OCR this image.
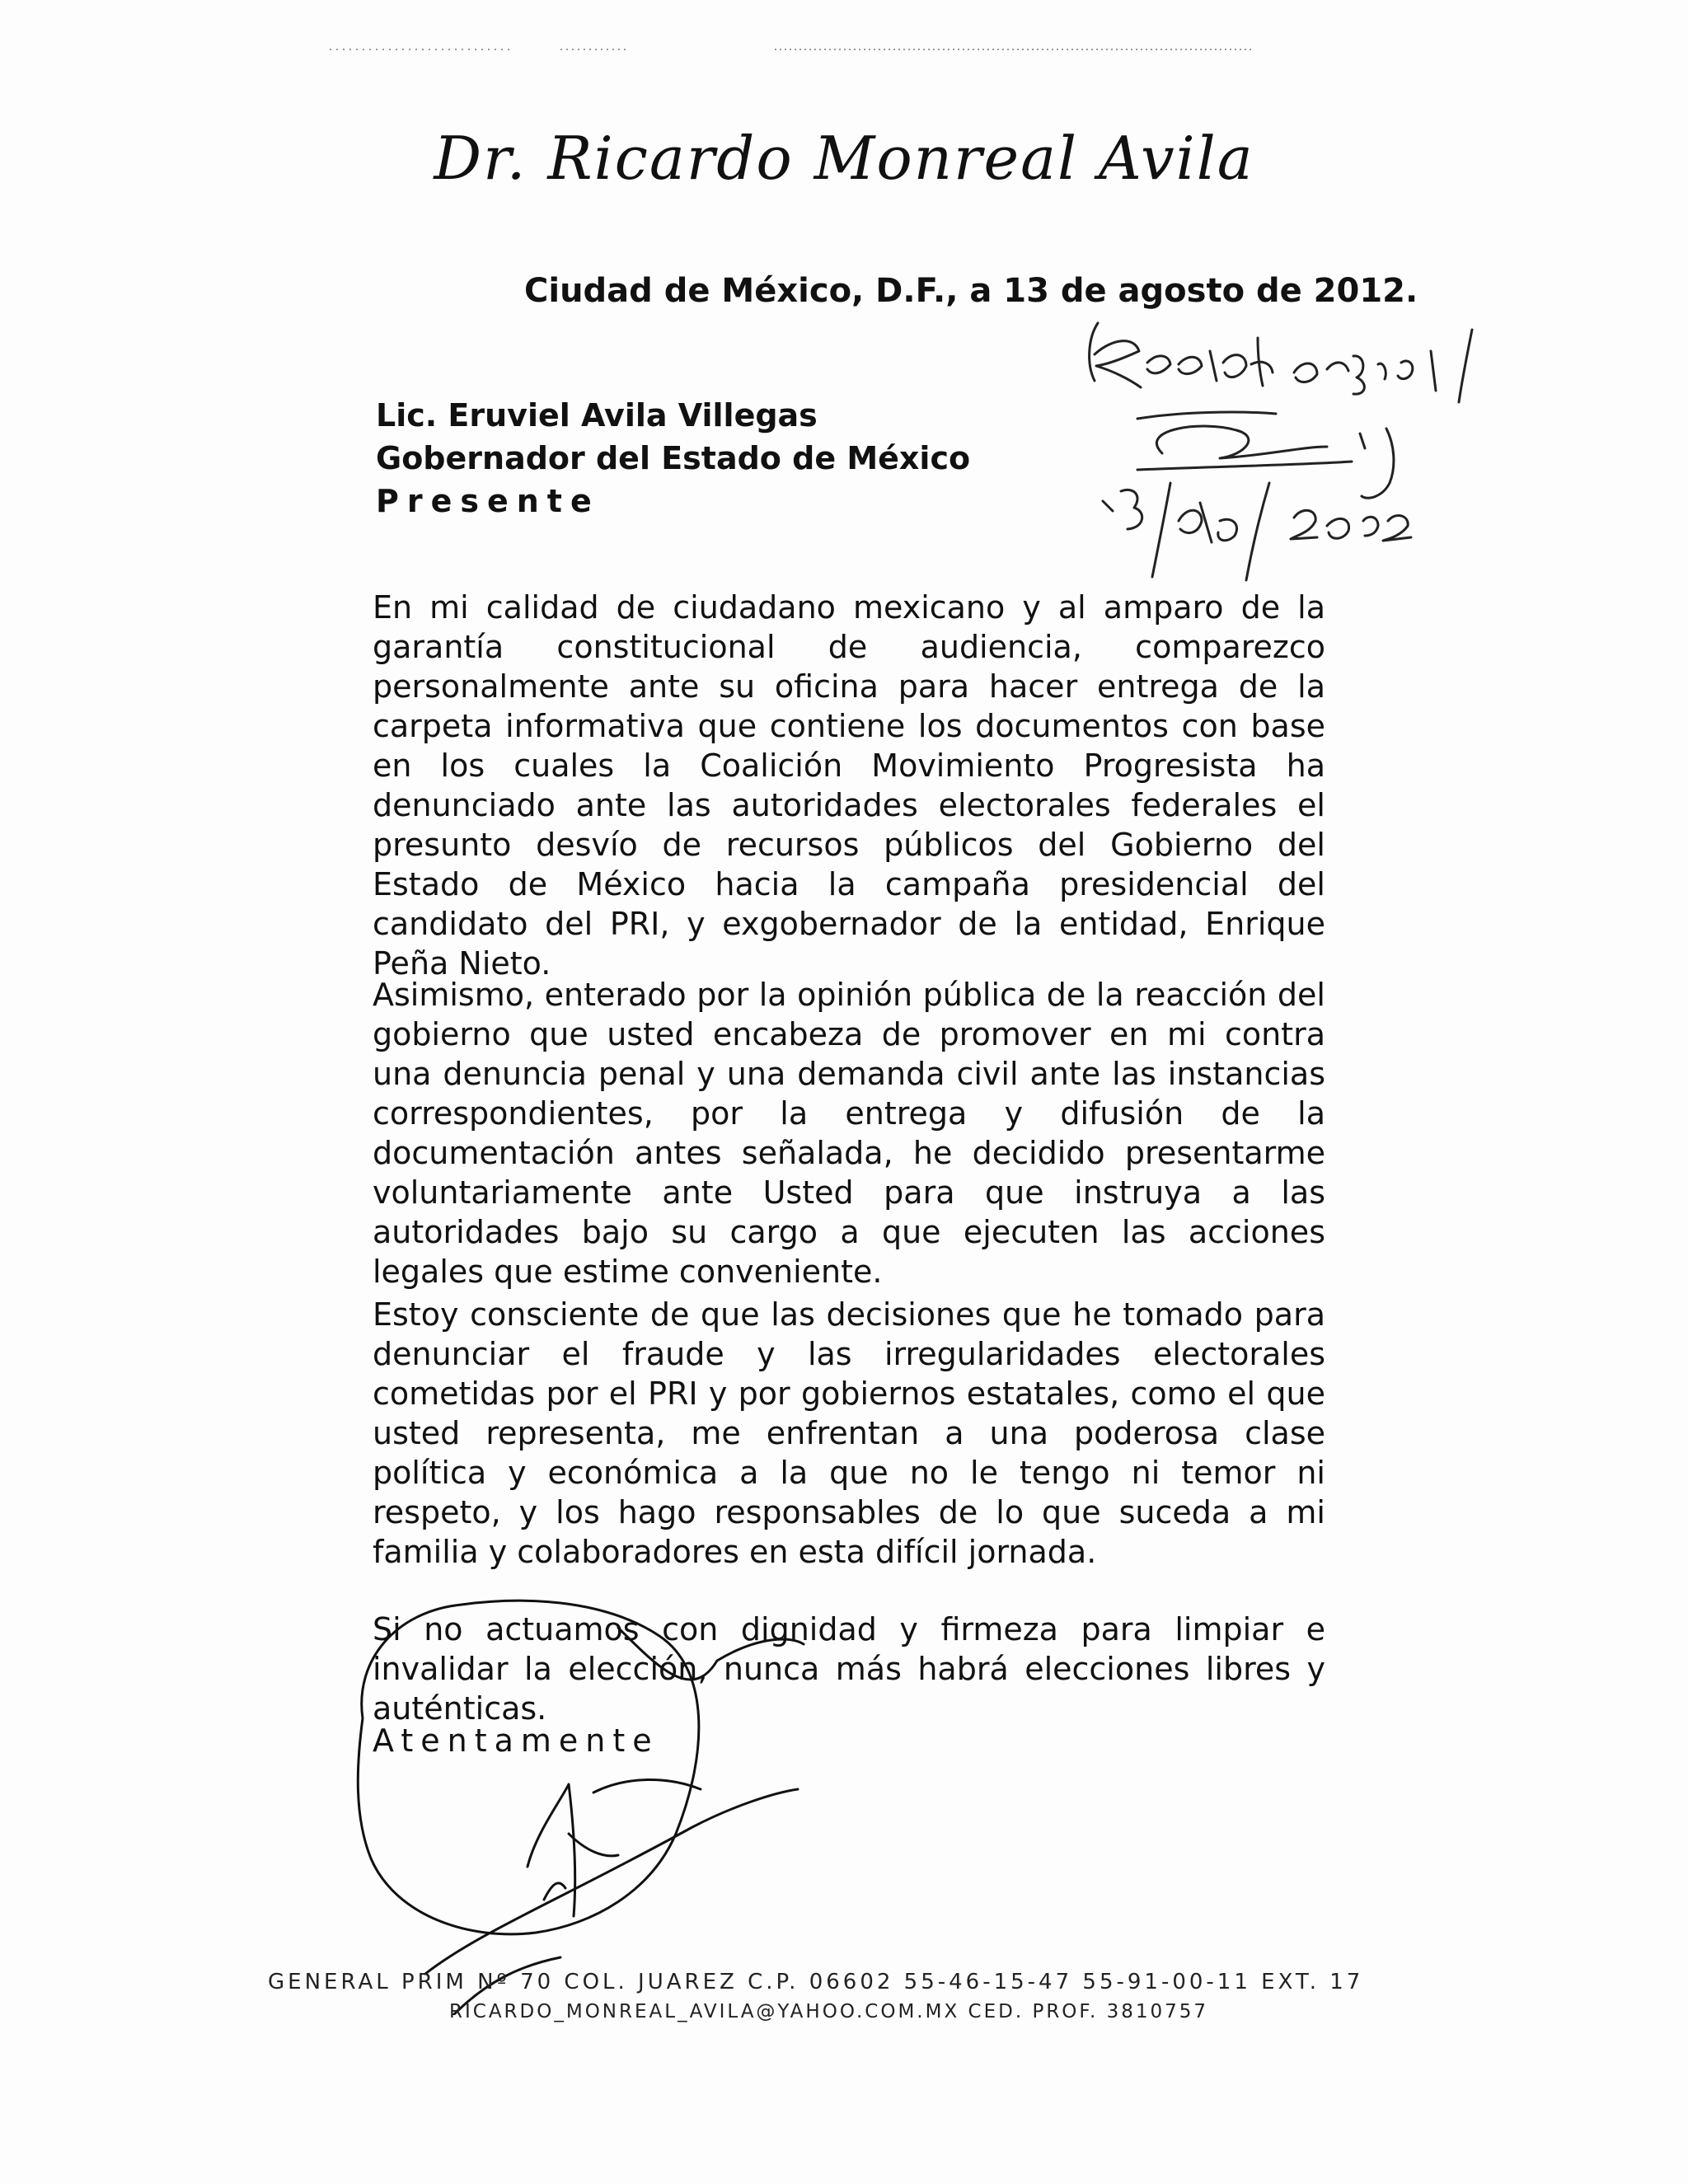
Dr. Ricardo Monreal Avila
Ciudad de México, D.F., a 13 de agosto de 2012.
Lic. Eruviel Avila Villegas
Gobernador del Estado de México
Presente
En mi calidad de ciudadano mexicano y al amparo de la garantía constitucional de audiencia, comparezco personalmente ante su oficina para hacer entrega de la carpeta informativa que contiene los documentos con base en los cuales la Coalición Movimiento Progresista ha denunciado ante las autoridades electorales federales el presunto desvío de recursos públicos del Gobierno del Estado de México hacia la campaña presidencial del candidato del PRI, y exgobernador de la entidad, Enrique Peña Nieto.
Asimismo, enterado por la opinión pública de la reacción del gobierno que usted encabeza de promover en mi contra una denuncia penal y una demanda civil ante las instancias correspondientes, por la entrega y difusión de la documentación antes señalada, he decidido presentarme voluntariamente ante Usted para que instruya a las autoridades bajo su cargo a que ejecuten las acciones legales que estime conveniente.
Estoy consciente de que las decisiones que he tomado para denunciar el fraude y las irregularidades electorales cometidas por el PRI y por gobiernos estatales, como el que usted representa, me enfrentan a una poderosa clase política y económica a la que no le tengo ni temor ni respeto, y los hago responsables de lo que suceda a mi familia y colaboradores en esta difícil jornada.
Si no actuamos con dignidad y firmeza para limpiar e invalidar la elección, nunca más habrá elecciones libres y auténticas.
Atentamente
GENERAL PRIM Nº 70 COL. JUAREZ C.P. 06602 55-46-15-47 55-91-00-11 EXT. 17
RICARDO_MONREAL_AVILA@YAHOO.COM.MX CED. PROF. 3810757
